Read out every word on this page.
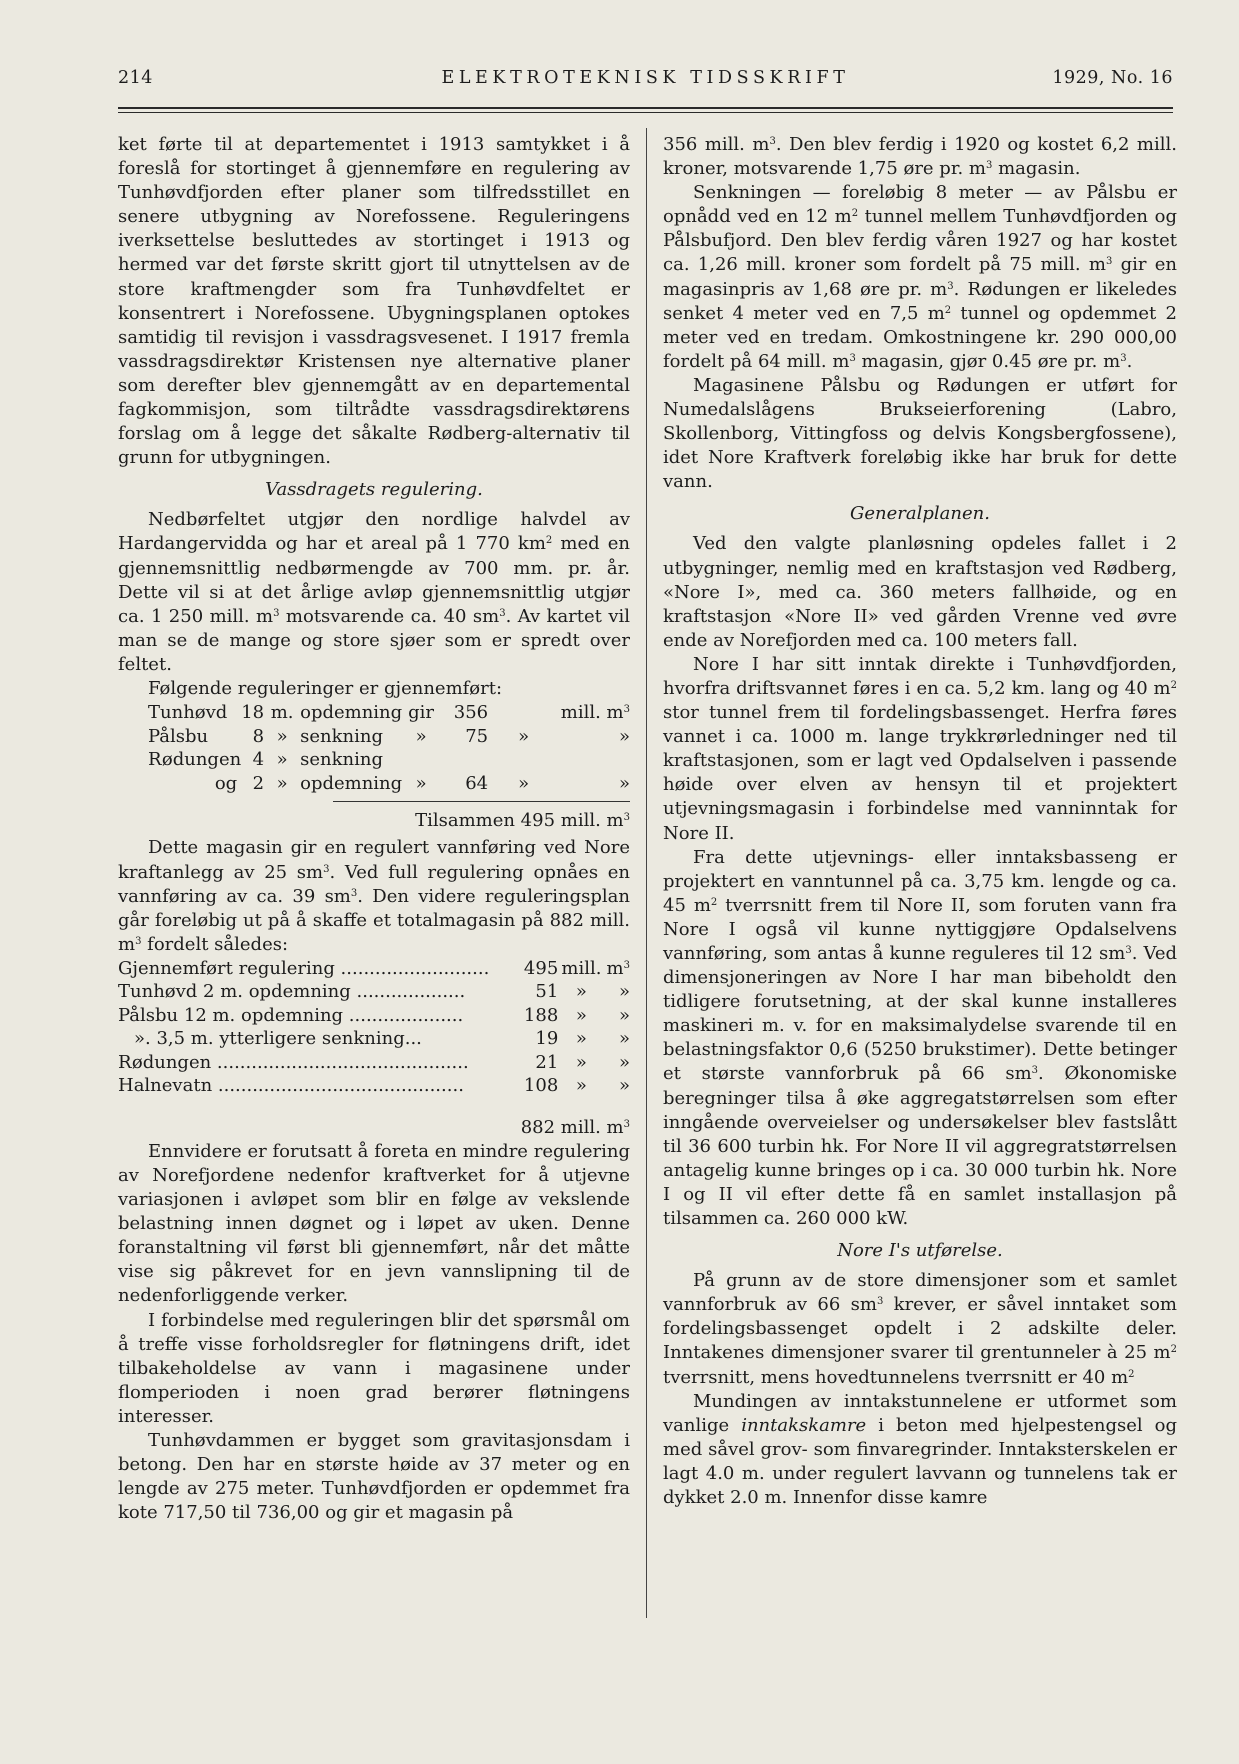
214	ELEKTROTEKNISK TIDSSKRIFT	1929, No. 16

ket førte til at departementet i 1913 samtykket i å foreslå for stortinget å gjennemføre en regulering av Tunhøvdfjorden efter planer som tilfredsstillet en senere utbygning av Norefossene. Reguleringens iverksettelse besluttedes av stortinget i 1913 og hermed var det første skritt gjort til utnyttelsen av de store kraftmengder som fra Tunhøvdfeltet er konsentrert i Norefossene. Ubygningsplanen optokes samtidig til revisjon i vassdragsvesenet. I 1917 fremla vassdragsdirektør Kristensen nye alternative planer som derefter blev gjennemgått av en departemental fagkommisjon, som tiltrådte vassdragsdirektørens forslag om å legge det såkalte Rødberg-alternativ til grunn for utbygningen.

Vassdragets regulering.

Nedbørfeltet utgjør den nordlige halvdel av Hardangervidda og har et areal på 1 770 $km^2$ med en gjennemsnittlig nedbørmengde av 700 mm. pr. år. Dette vil si at det årlige avløp gjennemsnittlig utgjør ca. 1 250 mill. $m^3$ motsvarende ca. 40 $sm^3$. Av kartet vil man se de mange og store sjøer som er spredt over feltet.

Følgende reguleringer er gjennemført:

	Tunhøvd	18	m.	opdemning	gir	356	mill. $m^3$
	Pålsbu	8	»	senkning	»	75	»	»
	Rødungen	4	»	senkning				
	og	2	»	opdemning	»	64	»	»
Tilsammen 495 mill. $m^3$

Dette magasin gir en regulert vannføring ved Nore kraftanlegg av 25 $sm^3$. Ved full regulering opnåes en vannføring av ca. 39 $sm^3$. Den videre reguleringsplan går foreløbig ut på å skaffe et totalmagasin på 882 mill. $m^3$ fordelt således:

Gjennemført regulering ..........................	495	mill.	$m^3$
Tunhøvd 2 m. opdemning ...................	51	»	»
Pålsbu 12 m. opdemning ....................	188	»	»
». 3,5 m. ytterligere senkning...	19	»	»
Rødungen ............................................	21	»	»
Halnevatn ...........................................	108	»	»
882 mill. $m^3$

Ennvidere er forutsatt å foreta en mindre regulering av Norefjordene nedenfor kraftverket for å utjevne variasjonen i avløpet som blir en følge av vekslende belastning innen døgnet og i løpet av uken. Denne foranstaltning vil først bli gjennemført, når det måtte vise sig påkrevet for en jevn vannslipning til de nedenforliggende verker.

I forbindelse med reguleringen blir det spørsmål om å treffe visse forholdsregler for fløtningens drift, idet tilbakeholdelse av vann i magasinene under flomperioden i noen grad berører fløtningens interesser.

Tunhøvdammen er bygget som gravitasjonsdam i betong. Den har en største høide av 37 meter og en lengde av 275 meter. Tunhøvdfjorden er opdemmet fra kote 717,50 til 736,00 og gir et magasin på

356 mill. $m^3$. Den blev ferdig i 1920 og kostet 6,2 mill. kroner, motsvarende 1,75 øre pr. $m^3$ magasin.

Senkningen — foreløbig 8 meter — av Pålsbu er opnådd ved en 12 $m^2$ tunnel mellem Tunhøvdfjorden og Pålsbufjord. Den blev ferdig våren 1927 og har kostet ca. 1,26 mill. kroner som fordelt på 75 mill. $m^3$ gir en magasinpris av 1,68 øre pr. $m^3$. Rødungen er likeledes senket 4 meter ved en 7,5 $m^2$ tunnel og opdemmet 2 meter ved en tredam. Omkostningene kr. 290 000,00 fordelt på 64 mill. $m^3$ magasin, gjør 0.45 øre pr. $m^3$.

Magasinene Pålsbu og Rødungen er utført for Numedalslågens Brukseierforening (Labro, Skollenborg, Vittingfoss og delvis Kongsbergfossene), idet Nore Kraftverk foreløbig ikke har bruk for dette vann.

Generalplanen.

Ved den valgte planløsning opdeles fallet i 2 utbygninger, nemlig med en kraftstasjon ved Rødberg, «Nore I», med ca. 360 meters fallhøide, og en kraftstasjon «Nore II» ved gården Vrenne ved øvre ende av Norefjorden med ca. 100 meters fall.

Nore I har sitt inntak direkte i Tunhøvdfjorden, hvorfra driftsvannet føres i en ca. 5,2 km. lang og 40 $m^2$ stor tunnel frem til fordelingsbassenget. Herfra føres vannet i ca. 1000 m. lange trykkrørledninger ned til kraftstasjonen, som er lagt ved Opdalselven i passende høide over elven av hensyn til et projektert utjevningsmagasin i forbindelse med vanninntak for Nore II.

Fra dette utjevnings- eller inntaksbasseng er projektert en vanntunnel på ca. 3,75 km. lengde og ca. 45 $m^2$ tverrsnitt frem til Nore II, som foruten vann fra Nore I også vil kunne nyttiggjøre Opdalselvens vannføring, som antas å kunne reguleres til 12 $sm^3$. Ved dimensjoneringen av Nore I har man bibeholdt den tidligere forutsetning, at der skal kunne installeres maskineri m. v. for en maksimalydelse svarende til en belastningsfaktor 0,6 (5250 brukstimer). Dette betinger et største vannforbruk på 66 $sm^3$. Økonomiske beregninger tilsa å øke aggregatstørrelsen som efter inngående overveielser og undersøkelser blev fastslått til 36 600 turbin hk. For Nore II vil aggregratstørrelsen antagelig kunne bringes op i ca. 30 000 turbin hk. Nore I og II vil efter dette få en samlet installasjon på tilsammen ca. 260 000 kW.

Nore I's utførelse.

På grunn av de store dimensjoner som et samlet vannforbruk av 66 $sm^3$ krever, er såvel inntaket som fordelingsbassenget opdelt i 2 adskilte deler. Inntakenes dimensjoner svarer til grentunneler à 25 $m^2$ tverrsnitt, mens hovedtunnelens tverrsnitt er 40 $m^2$

Mundingen av inntakstunnelene er utformet som vanlige inntakskamre i beton med hjelpestengsel og med såvel grov- som finvaregrinder. Inntaksterskelen er lagt 4.0 m. under regulert lavvann og tunnelens tak er dykket 2.0 m. Innenfor disse kamre
